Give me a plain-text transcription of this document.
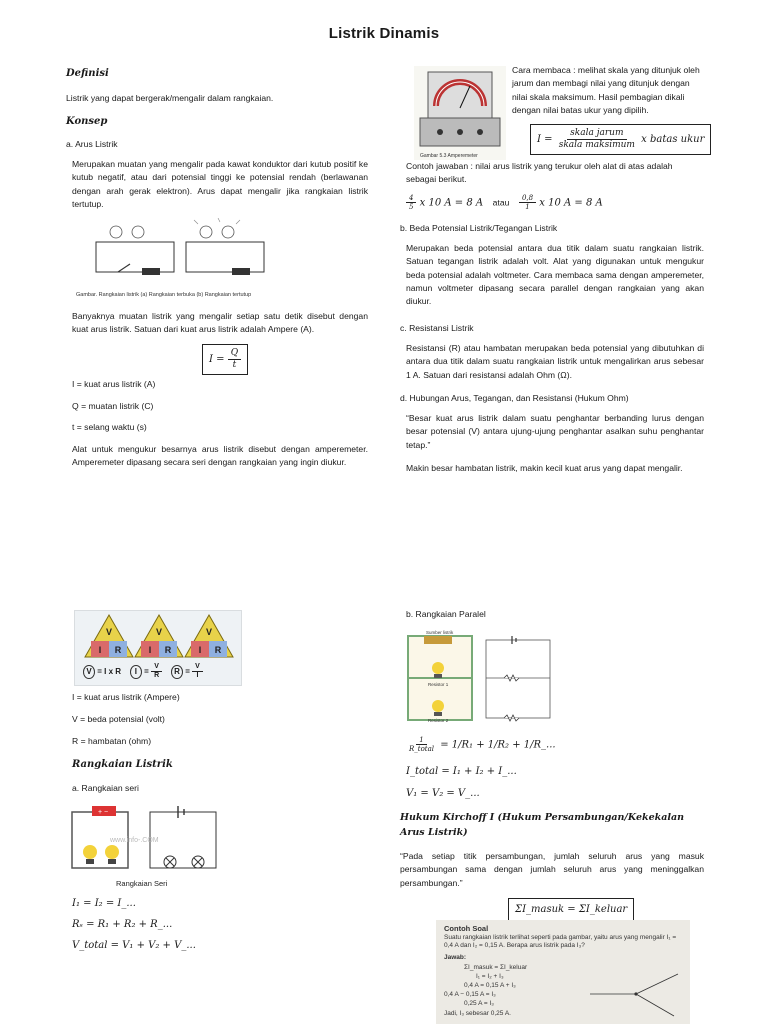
Listrik Dinamis
Definisi
Listrik yang dapat bergerak/mengalir dalam rangkaian.
Konsep
a. Arus Listrik
Merupakan muatan yang mengalir pada kawat konduktor dari kutub positif ke kutub negatif, atau dari potensial tinggi ke potensial rendah (berlawanan dengan arah gerak elektron). Arus dapat mengalir jika rangkaian listrik tertutup.
Gambar. Rangkaian listrik (a) Rangkaian terbuka (b) Rangkaian tertutup
Banyaknya muatan listrik yang mengalir setiap satu detik disebut dengan kuat arus listrik. Satuan dari kuat arus listrik adalah Ampere (A).
$I = \frac{Q}{t}$
I = kuat arus listrik (A)
Q = muatan listrik (C)
t = selang waktu (s)
Alat untuk mengukur besarnya arus listrik disebut dengan amperemeter. Amperemeter dipasang secara seri dengan rangkaian yang ingin diukur.
V
I R
V
I R
V
I R
V = I x R $I = \frac{V}{R}$ $R = \frac{V}{I}$
I = kuat arus listrik (Ampere)
V = beda potensial (volt)
R = hambatan (ohm)
Rangkaian Listrik
a. Rangkaian seri
+ −
www.info-.COM
Rangkaian Seri
I₁ = I₂ = I_...
Rₛ = R₁ + R₂ + R_...
V_total = V₁ + V₂ + V_...
Gambar 5.3 Amperemeter
Cara membaca : melihat skala yang ditunjuk oleh jarum dan membagi nilai yang ditunjuk dengan nilai skala maksimum. Hasil pembagian dikali dengan nilai batas ukur yang dipilih.
$I = \frac{\text{skala jarum}}{\text{skala maksimum}}$ x batas ukur
Contoh jawaban : nilai arus listrik yang terukur oleh alat di atas adalah sebagai berikut.
$\frac{4}{5}$ x 10 A = 8 A atau $\frac{0,8}{1}$ x 10 A = 8 A
b. Beda Potensial Listrik/Tegangan Listrik
Merupakan beda potensial antara dua titik dalam suatu rangkaian listrik. Satuan tegangan listrik adalah volt. Alat yang digunakan untuk mengukur beda potensial adalah voltmeter. Cara membaca sama dengan amperemeter, namun voltmeter dipasang secara parallel dengan rangkaian yang akan diukur.
c. Resistansi Listrik
Resistansi (R) atau hambatan merupakan beda potensial yang dibutuhkan di antara dua titik dalam suatu rangkaian listrik untuk mengalirkan arus sebesar 1 A. Satuan dari resistansi adalah Ohm (Ω).
d. Hubungan Arus, Tegangan, dan Resistansi (Hukum Ohm)
“Besar kuat arus listrik dalam suatu penghantar berbanding lurus dengan besar potensial (V) antara ujung-ujung penghantar asalkan suhu penghantar tetap.”
Makin besar hambatan listrik, makin kecil kuat arus yang dapat mengalir.
b. Rangkaian Paralel
Sumber listrik
Resistor 1
Resistor 2
$\frac{1}{\text{R\_total}} = 1/R_1 + 1/R_2$ + 1/R_...
I_total = I₁ + I₂ + I_...
V₁ = V₂ = V_...
Hukum Kirchoff I (Hukum Persambungan/Kekekalan Arus Listrik)
“Pada setiap titik persambungan, jumlah seluruh arus yang masuk persambungan sama dengan jumlah seluruh arus yang meninggalkan persambungan.”
ΣI_masuk = ΣI_keluar
Contoh Soal
Suatu rangkaian listrik terlihat seperti pada gambar, yaitu arus yang mengalir I₁ = 0,4 A dan I₂ = 0,15 A. Berapa arus listrik pada I₃?
Jawab:
ΣI_masuk = ΣI_keluar
I₁ = I₂ + I₃
0,4 A = 0,15 A + I₃
0,4 A − 0,15 A = I₃
0,25 A = I₃
Jadi, I₃ sebesar 0,25 A.
